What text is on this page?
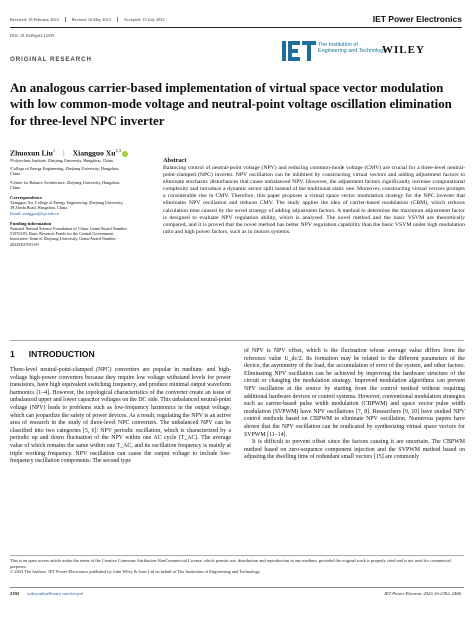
Received: 18 February 2023	Revised: 16 May 2023	Accepted: 15 July 2023	IET Power Electronics
DOI: 10.1049/pel2.12559
ORIGINAL RESEARCH
The Institution of
Engineering and Technology
WILEY
An analogous carrier-based implementation of virtual space vector modulation with low common-mode voltage and neutral-point voltage oscillation elimination for three-level NPC inverter
Zhuoxun Liu$^1$ | Xiangguo Xu$^{2,3}$
¹Polytechnic Institute, Zhejiang University, Hangzhou, China
²College of Energy Engineering, Zhejiang University, Hangzhou, China
³Center for Balance Architecture, Zhejiang University, Hangzhou, China
Correspondence
Xiangguo Xu, College of Energy Engineering, Zhejiang University, 38 Zheda Road, Hangzhou, China.
Email: xiangguo@zju.edu.cn
Funding information
National Natural Science Foundation of China, Grant/Award Number: 51976183; Basic Research Funds for the Central Government Innovative Team of Zhejiang University, Grant/Award Number: 2022FZZX01-09
Abstract
Balancing control of neutral-point voltage (NPV) and reducing common-mode voltage (CMV) are crucial for a three-level neutral-point-clamped (NPC) inverter. NPV oscillation can be inhibited by constructing virtual vectors and adding adjustment factors to eliminate stochastic disturbances that cause unbalanced NPV. However, the adjustment factors significantly increase computational complexity and introduce a dynamic sector split instead of the traditional static one. Moreover, constructing virtual vectors prompts a considerable rise in CMV. Therefore, this paper proposes a virtual space vector modulation strategy for the NPC inverter that eliminates NPV oscillation and reduces CMV. The study applies the idea of carrier-based modulation (CBM), which reduces calculation time caused by the novel strategy of adding adjustment factors. A method to determine the maximum adjustment factor is designed to evaluate NPV regulation ability, which is analysed. The novel method and the basic VSVM are theoretically compared, and it is proved that the novel method has better NPV regulation capability than the basic VSVM under high modulation ratio and high power factors, such as in motors systems.
1 INTRODUCTION

Three-level neutral-point-clamped (NPC) converters are popular in medium- and high-voltage high-power converters because they require low voltage withstand levels for power transistors, have high equivalent switching frequency, and produce minimal output waveform harmonics [1–4]. However, the topological characteristics of the converter create an issue of unbalanced upper and lower capacitor voltages on the DC side. This unbalanced neutral-point voltage (NPV) leads to problems such as low-frequency harmonics in the output voltage, which can jeopardize the safety of power devices. As a result, regulating the NPV is an active area of research in the study of three-level NPC converters. The unbalanced NPV can be classified into two categories [5, 6]: NPV periodic oscillation, which is characterized by a periodic up and down fluctuation of the NPV within one AC cycle (T_AC). The average value of which remains the same within one T_AC, and its oscillation frequency is mainly at triple working frequency. NPV oscillation can cause the output voltage to include low-frequency oscillation components. The second type

of NPV is NPV offset, which is the fluctuation whose average value differs from the reference value U_dc/2. Its formation may be related to the different parameters of the device, the asymmetry of the load, the accumulation of error of the system, and other factors. Eliminating NPV oscillation can be achieved by improving the hardware structure of the circuit or changing the modulation strategy. Improved modulation algorithms can prevent NPV oscillation at the source by starting from the control method without requiring additional hardware devices or control systems. However, conventional modulation strategies such as carrier-based pulse width modulation (CBPWM) and space vector pulse width modulation (SVPWM) have NPV oscillations [7, 8]. Researchers [9, 10] have studied NPV control methods based on CBPWM to eliminate NPV oscillation. Numerous papers have shown that the NPV oscillation can be eradicated by synthesizing virtual space vectors for SVPWM [11–14].

It is difficult to prevent offset since the factors causing it are uncertain. The CBPWM method based on zero-sequence component injection and the SVPWM method based on adjusting the dwelling time of redundant small vectors [15] are commonly

This is an open access article under the terms of the Creative Commons Attribution-NonCommercial License, which permits use, distribution and reproduction in any medium, provided the original work is properly cited and is not used for commercial purposes.
© 2023 The Authors. IET Power Electronics published by John Wiley & Sons Ltd on behalf of The Institution of Engineering and Technology.
2392 wileyonlinelibrary.com/iet-pel	IET Power Electron. 2023;16:2392–2406.
